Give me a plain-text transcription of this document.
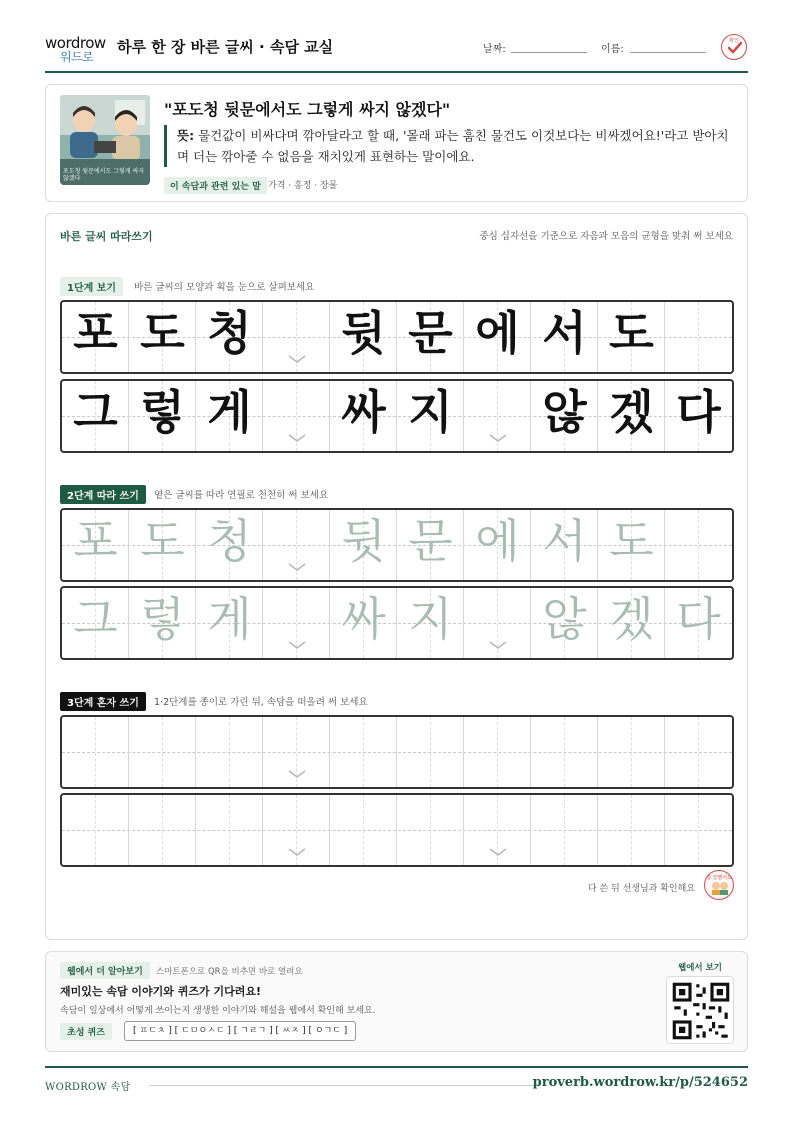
wordrow
워드로
하루 한 장 바른 글씨 · 속담 교실	날짜:	이름:
확인
포도청 뒷문에서도 그렇게 싸지 않겠다
"포도청 뒷문에서도 그렇게 싸지 않겠다"
뜻: 물건값이 비싸다며 깎아달라고 할 때, '몰래 파는 훔친 물건도 이것보다는 비싸겠어요!'라고 받아치며 더는 깎아줄 수 없음을 재치있게 표현하는 말이에요.
이 속담과 관련 있는 말 가격 · 흥정 · 장물
바른 글씨 따라쓰기	중심 십자선을 기준으로 자음과 모음의 균형을 맞춰 써 보세요
1단계 보기	바른 글씨의 모양과 획을 눈으로 살펴보세요
포 도 청 뒷 문 에 서 도
그 렇 게 싸 지 않 겠 다
2단계 따라 쓰기	옅은 글씨를 따라 연필로 천천히 써 보세요
포 도 청 뒷 문 에 서 도
그 렇 게 싸 지 않 겠 다
3단계 혼자 쓰기	1·2단계를 종이로 가린 뒤, 속담을 떠올려 써 보세요
다 쓴 뒤 선생님과 확인해요
참 잘했어요
웹에서 더 알아보기	스마트폰으로 QR을 비추면 바로 열려요
재미있는 속담 이야기와 퀴즈가 기다려요!
속담이 일상에서 어떻게 쓰이는지 생생한 이야기와 해설을 웹에서 확인해 보세요.
초성 퀴즈	[ ㅍㄷㅊ ] [ ㄷㅁㅇㅅㄷ ] [ ㄱㄹㄱ ] [ ㅆㅈ ] [ ㅇㄱㄷ ]
웹에서 보기
WORDROW 속담	proverb.wordrow.kr/p/524652
